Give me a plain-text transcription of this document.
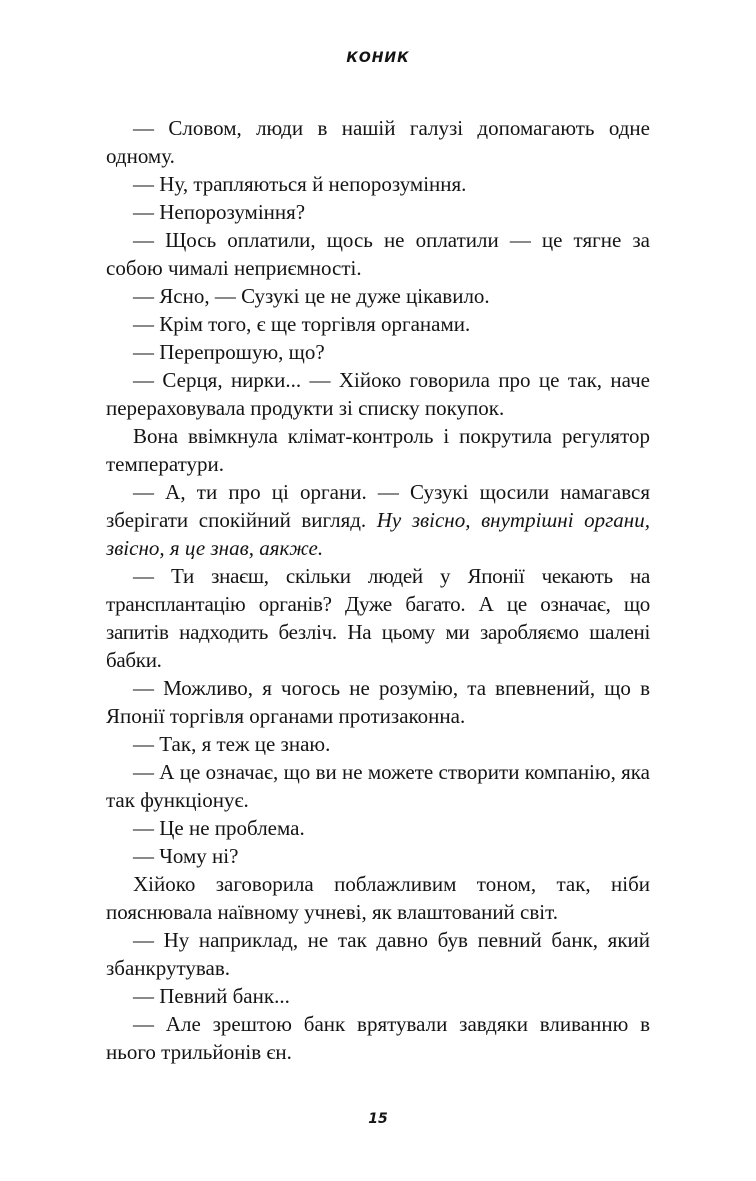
КОНИК

— Словом, люди в нашій галузі допомагають одне одному.

— Ну, трапляються й непорозуміння.

— Непорозуміння?

— Щось оплатили, щось не оплатили — це тягне за собою чималі неприємності.

— Ясно, — Сузукі це не дуже цікавило.

— Крім того, є ще торгівля органами.

— Перепрошую, що?

— Серця, нирки... — Хійоко говорила про це так, наче перераховувала продукти зі списку покупок.

Вона ввімкнула клімат-контроль і покрутила регулятор температури.

— А, ти про ці органи. — Сузукі щосили намагався зберігати спокійний вигляд. Ну звісно, внутрішні органи, звісно, я це знав, аякже.

— Ти знаєш, скільки людей у Японії чекають на трансплантацію органів? Дуже багато. А це означає, що запитів надходить безліч. На цьому ми заробляємо шалені бабки.

— Можливо, я чогось не розумію, та впевнений, що в Японії торгівля органами протизаконна.

— Так, я теж це знаю.

— А це означає, що ви не можете створити компанію, яка так функціонує.

— Це не проблема.

— Чому ні?

Хійоко заговорила поблажливим тоном, так, ніби пояснювала наївному учневі, як влаштований світ.

— Ну наприклад, не так давно був певний банк, який збанкрутував.

— Певний банк...

— Але зрештою банк врятували завдяки вливанню в нього трильйонів єн.

15
